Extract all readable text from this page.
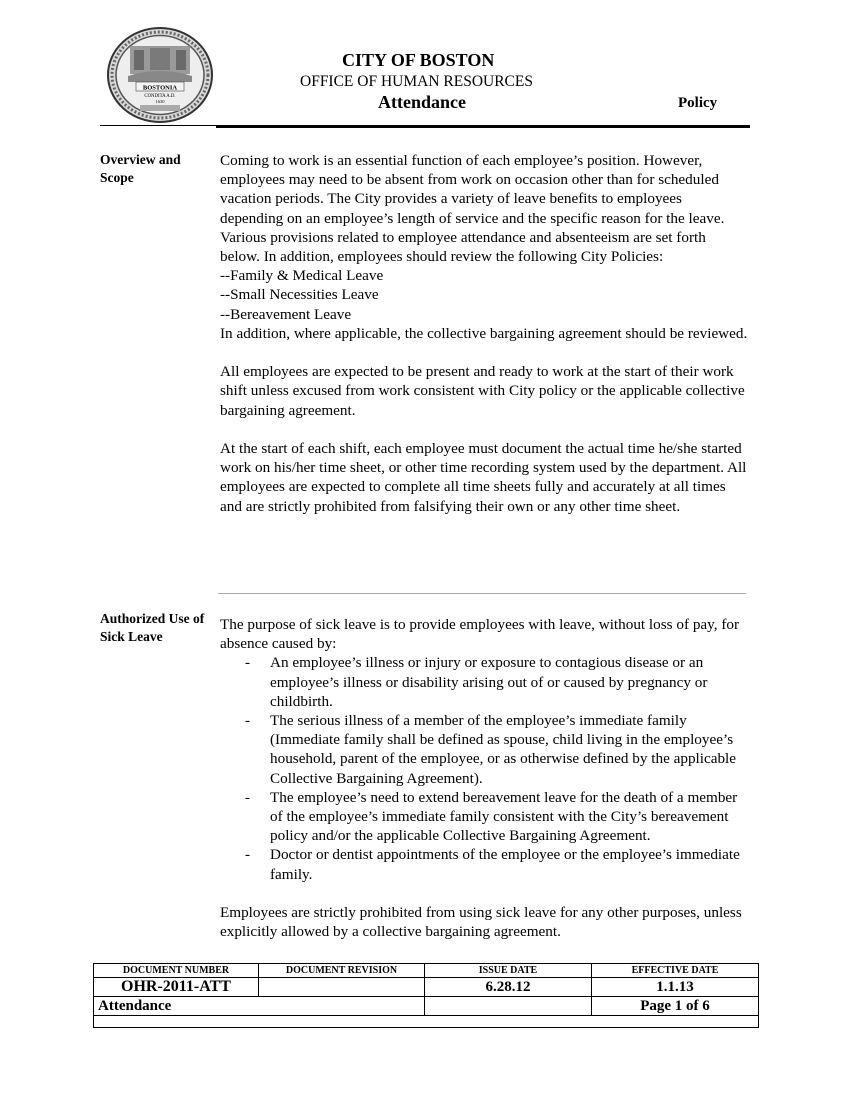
BOSTONIA
CONDITA A.D.
1630
CITY OF BOSTON
OFFICE OF HUMAN RESOURCES
Attendance	Policy
Overview and Scope

Coming to work is an essential function of each employee’s position. However, employees may need to be absent from work on occasion other than for scheduled vacation periods. The City provides a variety of leave benefits to employees depending on an employee’s length of service and the specific reason for the leave. Various provisions related to employee attendance and absenteeism are set forth below. In addition, employees should review the following City Policies:

--Family & Medical Leave

--Small Necessities Leave

--Bereavement Leave

In addition, where applicable, the collective bargaining agreement should be reviewed.

All employees are expected to be present and ready to work at the start of their work shift unless excused from work consistent with City policy or the applicable collective bargaining agreement.

At the start of each shift, each employee must document the actual time he/she started work on his/her time sheet, or other time recording system used by the department. All employees are expected to complete all time sheets fully and accurately at all times and are strictly prohibited from falsifying their own or any other time sheet.

Authorized Use of Sick Leave

The purpose of sick leave is to provide employees with leave, without loss of pay, for absence caused by:

- An employee’s illness or injury or exposure to contagious disease or an employee’s illness or disability arising out of or caused by pregnancy or childbirth.
- The serious illness of a member of the employee’s immediate family (Immediate family shall be defined as spouse, child living in the employee’s household, parent of the employee, or as otherwise defined by the applicable Collective Bargaining Agreement).
- The employee’s need to extend bereavement leave for the death of a member of the employee’s immediate family consistent with the City’s bereavement policy and/or the applicable Collective Bargaining Agreement.
- Doctor or dentist appointments of the employee or the employee’s immediate family.

Employees are strictly prohibited from using sick leave for any other purposes, unless explicitly allowed by a collective bargaining agreement.

DOCUMENT NUMBER	DOCUMENT REVISION	ISSUE DATE	EFFECTIVE DATE
OHR-2011-ATT		6.28.12	1.1.13
Attendance			Page 1 of 6
